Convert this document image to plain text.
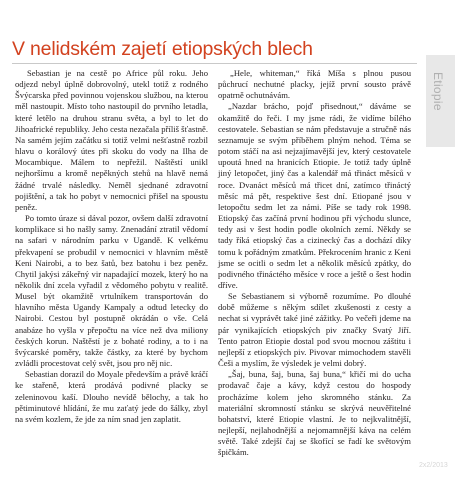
V nelidském zajetí etiopských blech
Etiopie

Sebastian je na cestě po Africe půl roku. Jeho odjezd nebyl úplně dobrovolný, utekl totiž z rodného Švýcarska před povinnou vojenskou službou, na kterou měl nastoupit. Místo toho nastoupil do prvního letadla, které letělo na druhou stranu světa, a byl to let do Jihoafrické republiky. Jeho cesta nezačala příliš šťastně. Na samém jejím začátku si totiž velmi nešťastně rozbil hlavu o korálový útes při skoku do vody na Ilha de Mocambique. Málem to nepřežil. Naštěstí unikl nejhoršímu a kromě nepěkných stehů na hlavě nemá žádné trvalé následky. Neměl sjednané zdravotní pojištění, a tak ho pobyt v nemocnici přišel na spoustu peněz.

Po tomto úraze si dával pozor, ovšem další zdravotní komplikace si ho našly samy. Znenadání ztratil vědomí na safari v národním parku v Ugandě. K velkému překvapení se probudil v nemocnici v hlavním městě Keni Nairobi, a to bez šatů, bez batohu i bez peněz. Chytil jakýsi zákeřný vir napadající mozek, který ho na několik dní zcela vyřadil z vědomého pobytu v realitě. Musel být okamžitě vrtulníkem transportován do hlavního města Ugandy Kampaly a odtud letecky do Nairobi. Cestou byl postupně okrádán o vše. Celá anabáze ho vyšla v přepočtu na více než dva miliony českých korun. Naštěstí je z bohaté rodiny, a to i na švýcarské poměry, takže částky, za které by bychom zvládli procestovat celý svět, jsou pro něj nic.

Sebastian dorazil do Moyale především a právě kráčí ke stařeně, která prodává podivné placky se zeleninovou kaší. Dlouho nevídě bělochy, a tak ho pětiminutové hlídání, že mu zaťatý jede do šálky, zbyl na svém kozlem, že jde za ním snad jen zaplatit.

„Hele, whiteman,“ říká Míša s plnou pusou půchrucí nechutné placky, jejíž první sousto právě opatrně ochutnávám.

„Nazdar brácho, pojď přisednout,“ dáváme se okamžitě do řeči. I my jsme rádi, že vidíme bílého cestovatele. Sebastian se nám představuje a stručně nás seznamuje se svým příběhem plným nehod. Téma se potom stáčí na asi nejzajímavější jev, který cestovatele upoutá hned na hranicích Etiopie. Je totiž tady úplně jiný letopočet, jiný čas a kalendář má třináct měsíců v roce. Dvanáct měsíců má třicet dní, zatímco třináctý měsíc má pět, respektive šest dní. Etiopané jsou v letopočtu sedm let za námi. Píše se tady rok 1998. Etiopský čas začíná první hodinou při východu slunce, tedy asi v šest hodin podle okolních zemí. Někdy se tady říká etiopský čas a cizinecký čas a dochází díky tomu k pořádným zmatkům. Překrocením hranic z Keni jsme se ocitli o sedm let a několik měsíců zpátky, do podivného třináctého měsíce v roce a ještě o šest hodin dříve.

Se Sebastianem si výborně rozumíme. Po dlouhé době můžeme s někým sdílet zkušenosti z cesty a nechat si vyprávět také jiné zážitky. Po večeři jdeme na pár vynikajících etiopských piv značky Svatý Jiří. Tento patron Etiopie dostal pod svou mocnou záštitu i nejlepší z etiopských piv. Pivovar mimochodem stavěli Češi a myslím, že výsledek je velmi dobrý.

„Šaj, buna, šaj, buna, šaj buna,“ křičí mi do ucha prodavač čaje a kávy, když cestou do hospody procházíme kolem jeho skromného stánku. Za materiální skromností stánku se skrývá neuvěřitelné bohatství, které Etiopie vlastní. Je to nejkvalitnější, nejlepší, nejlahodnější a nejomamnější káva na celém světě. Také zdejší čaj se škofící se řadí ke světovým špičkám.

2x2/2013
